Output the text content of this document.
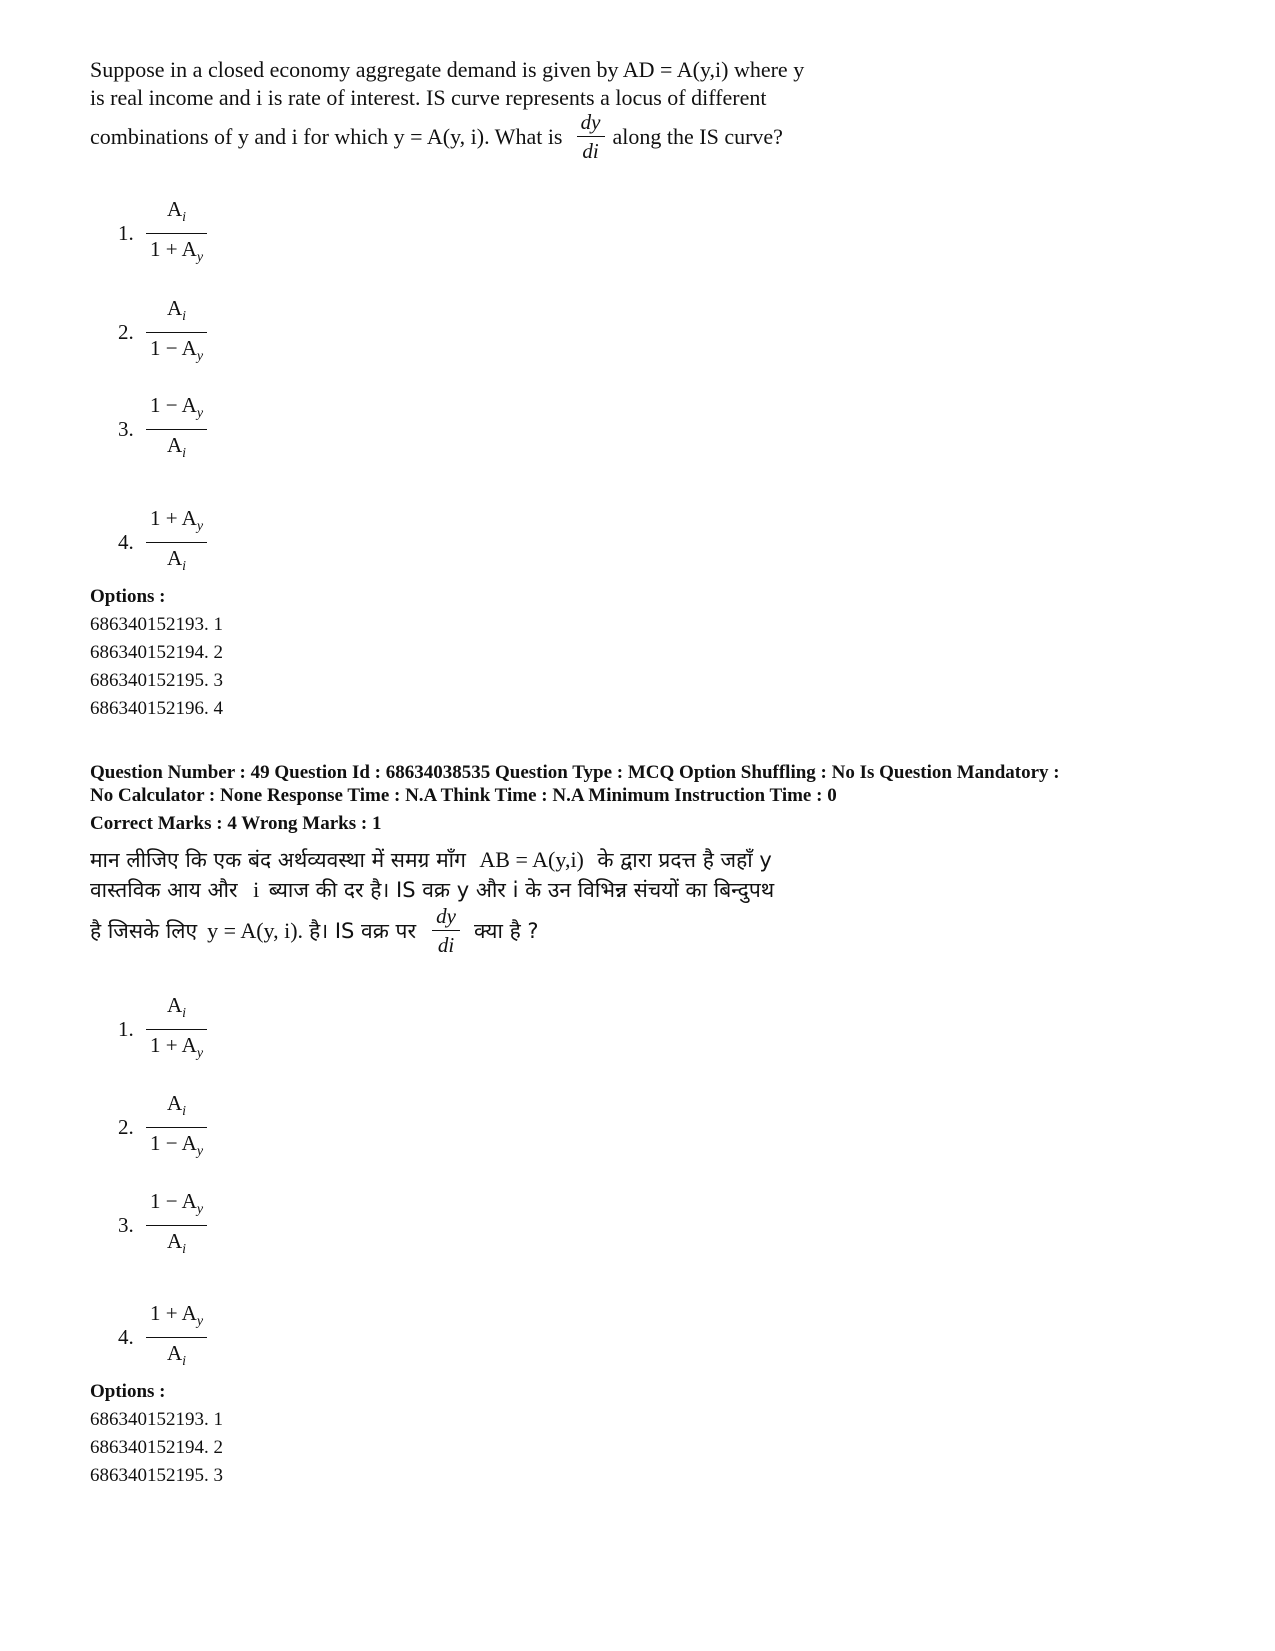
Suppose in a closed economy aggregate demand is given by AD = A(y,i) where y
is real income and i is rate of interest. IS curve represents a locus of different
combinations of y and i for which y = A(y, i). What is $\frac{dy}{di}$ along the IS curve?
1.
$A_i$
$1 + A_y$
2.
$A_i$
$1 - A_y$
3.
$1 - A_y$
$A_i$
4.
$1 + A_y$
$A_i$
Options :
686340152193. 1
686340152194. 2
686340152195. 3
686340152196. 4
Question Number : 49 Question Id : 68634038535 Question Type : MCQ Option Shuffling : No Is Question Mandatory :
No Calculator : None Response Time : N.A Think Time : N.A Minimum Instruction Time : 0
Correct Marks : 4 Wrong Marks : 1
मान लीजिए कि एक बंद अर्थव्यवस्था में समग्र माँग AB = A(y,i) के द्वारा प्रदत्त है जहाँ y
वास्तविक आय और i ब्याज की दर है। IS वक्र y और i के उन विभिन्न संचयों का बिन्दुपथ
है जिसके लिए y = A(y, i). है। IS वक्र पर $\frac{dy}{di}$ क्या है ?
1.
$A_i$
$1 + A_y$
2.
$A_i$
$1 - A_y$
3.
$1 - A_y$
$A_i$
4.
$1 + A_y$
$A_i$
Options :
686340152193. 1
686340152194. 2
686340152195. 3
